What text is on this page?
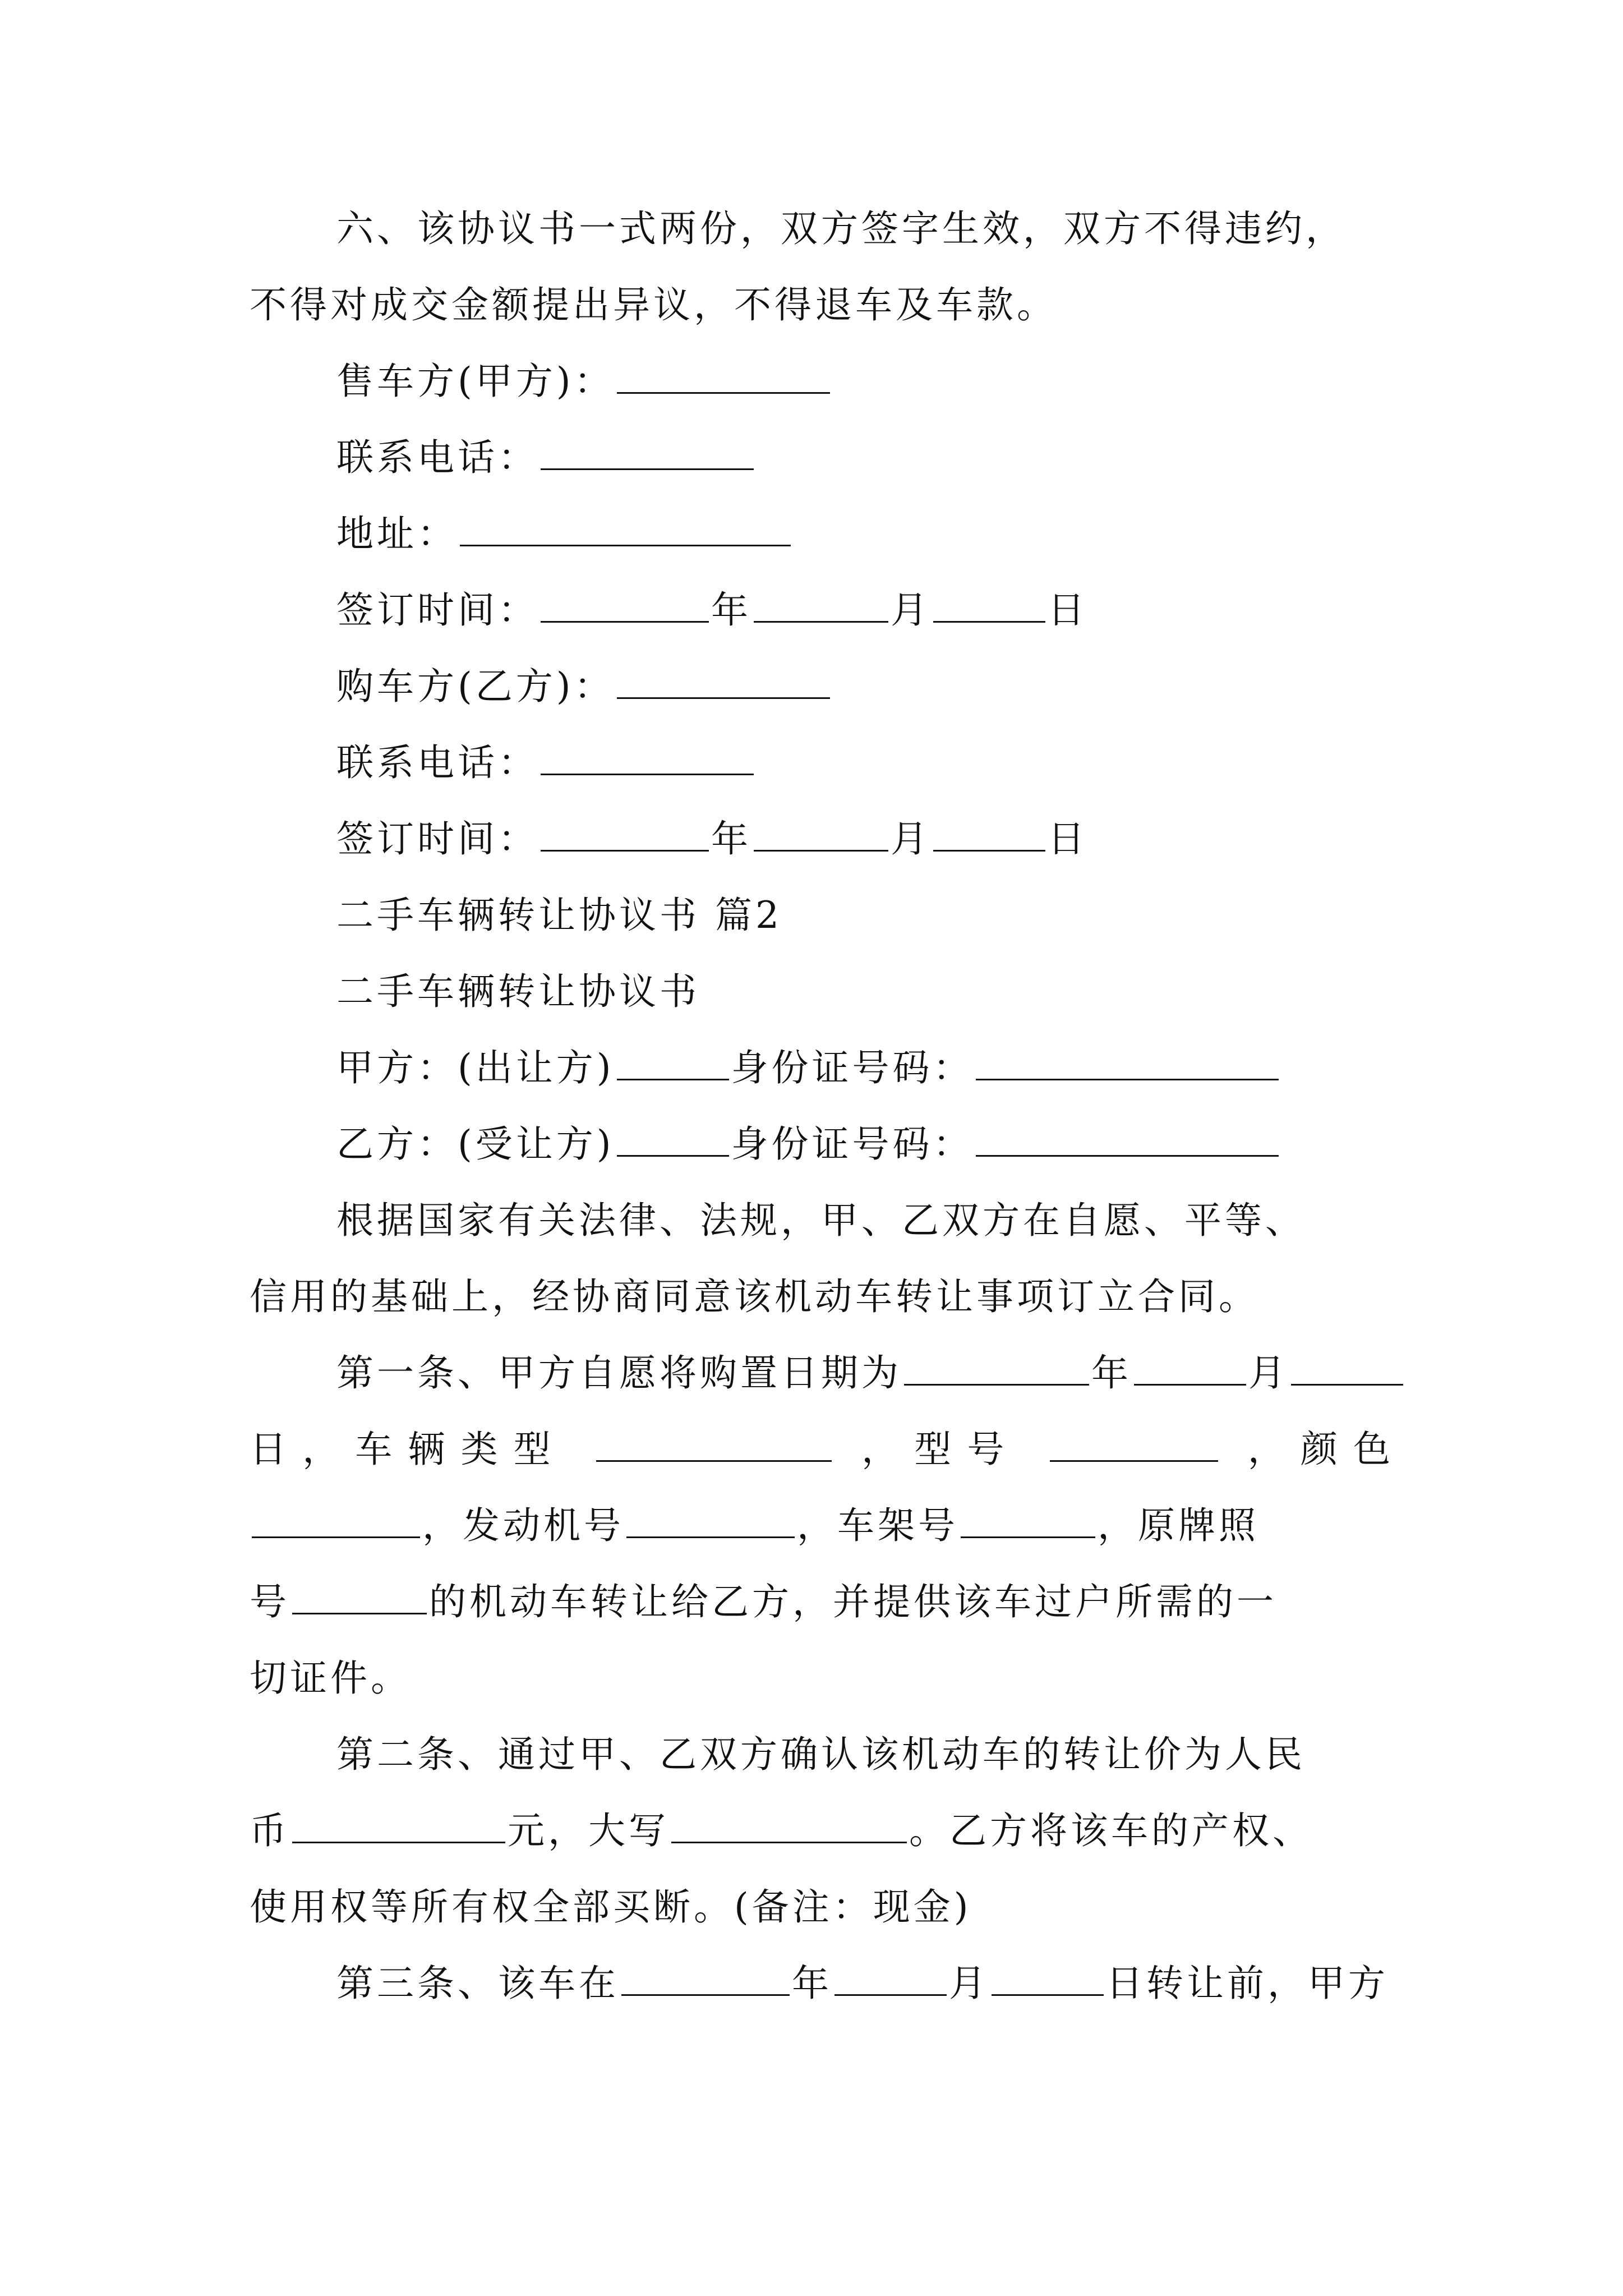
六、该协议书一式两份，双方签字生效，双方不得违约，
不得对成交金额提出异议，不得退车及车款。
售车方(甲方)：
联系电话：
地址：
签订时间：	年	月	日
购车方(乙方)：
联系电话：
签订时间：	年	月	日
二手车辆转让协议书 篇2
二手车辆转让协议书
甲方：(出让方)	身份证号码：
乙方：(受让方)	身份证号码：
根据国家有关法律、法规，甲、乙双方在自愿、平等、
信用的基础上，经协商同意该机动车转让事项订立合同。
第一条、甲方自愿将购置日期为	年	月
日，车辆类型	，型号	，颜色
，发动机号	，车架号	，原牌照
号	的机动车转让给乙方，并提供该车过户所需的一
切证件。
第二条、通过甲、乙双方确认该机动车的转让价为人民
币	元，大写	。乙方将该车的产权、
使用权等所有权全部买断。(备注：现金)
第三条、该车在	年	月	日转让前，甲方
